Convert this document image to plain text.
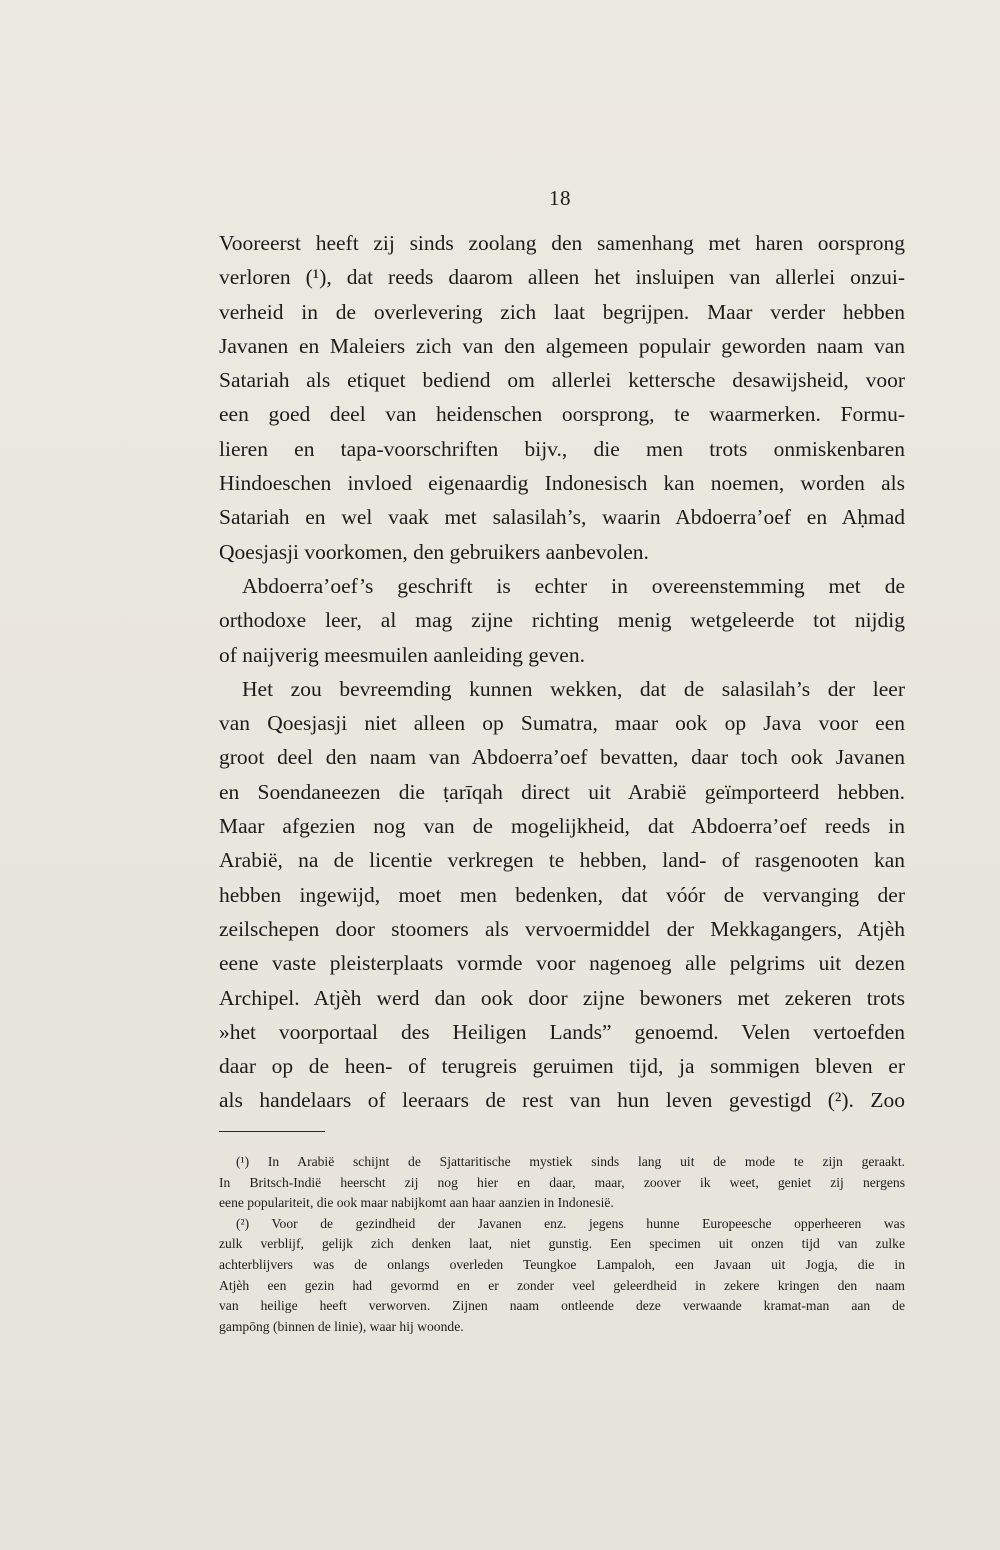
18
Vooreerst heeft zij sinds zoolang den samenhang met haren oorsprong
verloren (¹), dat reeds daarom alleen het insluipen van allerlei onzui-
verheid in de overlevering zich laat begrijpen. Maar verder hebben
Javanen en Maleiers zich van den algemeen populair geworden naam van
Satariah als etiquet bediend om allerlei kettersche desawijsheid, voor
een goed deel van heidenschen oorsprong, te waarmerken. Formu-
lieren en tapa-voorschriften bijv., die men trots onmiskenbaren
Hindoeschen invloed eigenaardig Indonesisch kan noemen, worden als
Satariah en wel vaak met salasilah’s, waarin Abdoerra’oef en Aḥmad
Qoesjasji voorkomen, den gebruikers aanbevolen.
Abdoerra’oef’s geschrift is echter in overeenstemming met de
orthodoxe leer, al mag zijne richting menig wetgeleerde tot nijdig
of naijverig meesmuilen aanleiding geven.
Het zou bevreemding kunnen wekken, dat de salasilah’s der leer
van Qoesjasji niet alleen op Sumatra, maar ook op Java voor een
groot deel den naam van Abdoerra’oef bevatten, daar toch ook Javanen
en Soendaneezen die ṭarīqah direct uit Arabië geïmporteerd hebben.
Maar afgezien nog van de mogelijkheid, dat Abdoerra’oef reeds in
Arabië, na de licentie verkregen te hebben, land- of rasgenooten kan
hebben ingewijd, moet men bedenken, dat vóór de vervanging der
zeilschepen door stoomers als vervoermiddel der Mekkagangers, Atjèh
eene vaste pleisterplaats vormde voor nagenoeg alle pelgrims uit dezen
Archipel. Atjèh werd dan ook door zijne bewoners met zekeren trots
»het voorportaal des Heiligen Lands” genoemd. Velen vertoefden
daar op de heen- of terugreis geruimen tijd, ja sommigen bleven er
als handelaars of leeraars de rest van hun leven gevestigd (²). Zoo
(¹) In Arabië schijnt de Sjattaritische mystiek sinds lang uit de mode te zijn geraakt.
In Britsch-Indië heerscht zij nog hier en daar, maar, zoover ik weet, geniet zij nergens
eene populariteit, die ook maar nabijkomt aan haar aanzien in Indonesië.
(²) Voor de gezindheid der Javanen enz. jegens hunne Europeesche opperheeren was
zulk verblijf, gelijk zich denken laat, niet gunstig. Een specimen uit onzen tijd van zulke
achterblijvers was de onlangs overleden Teungkoe Lampaloh, een Javaan uit Jogja, die in
Atjèh een gezin had gevormd en er zonder veel geleerdheid in zekere kringen den naam
van heilige heeft verworven. Zijnen naam ontleende deze verwaande kramat-man aan de
gampōng (binnen de linie), waar hij woonde.
